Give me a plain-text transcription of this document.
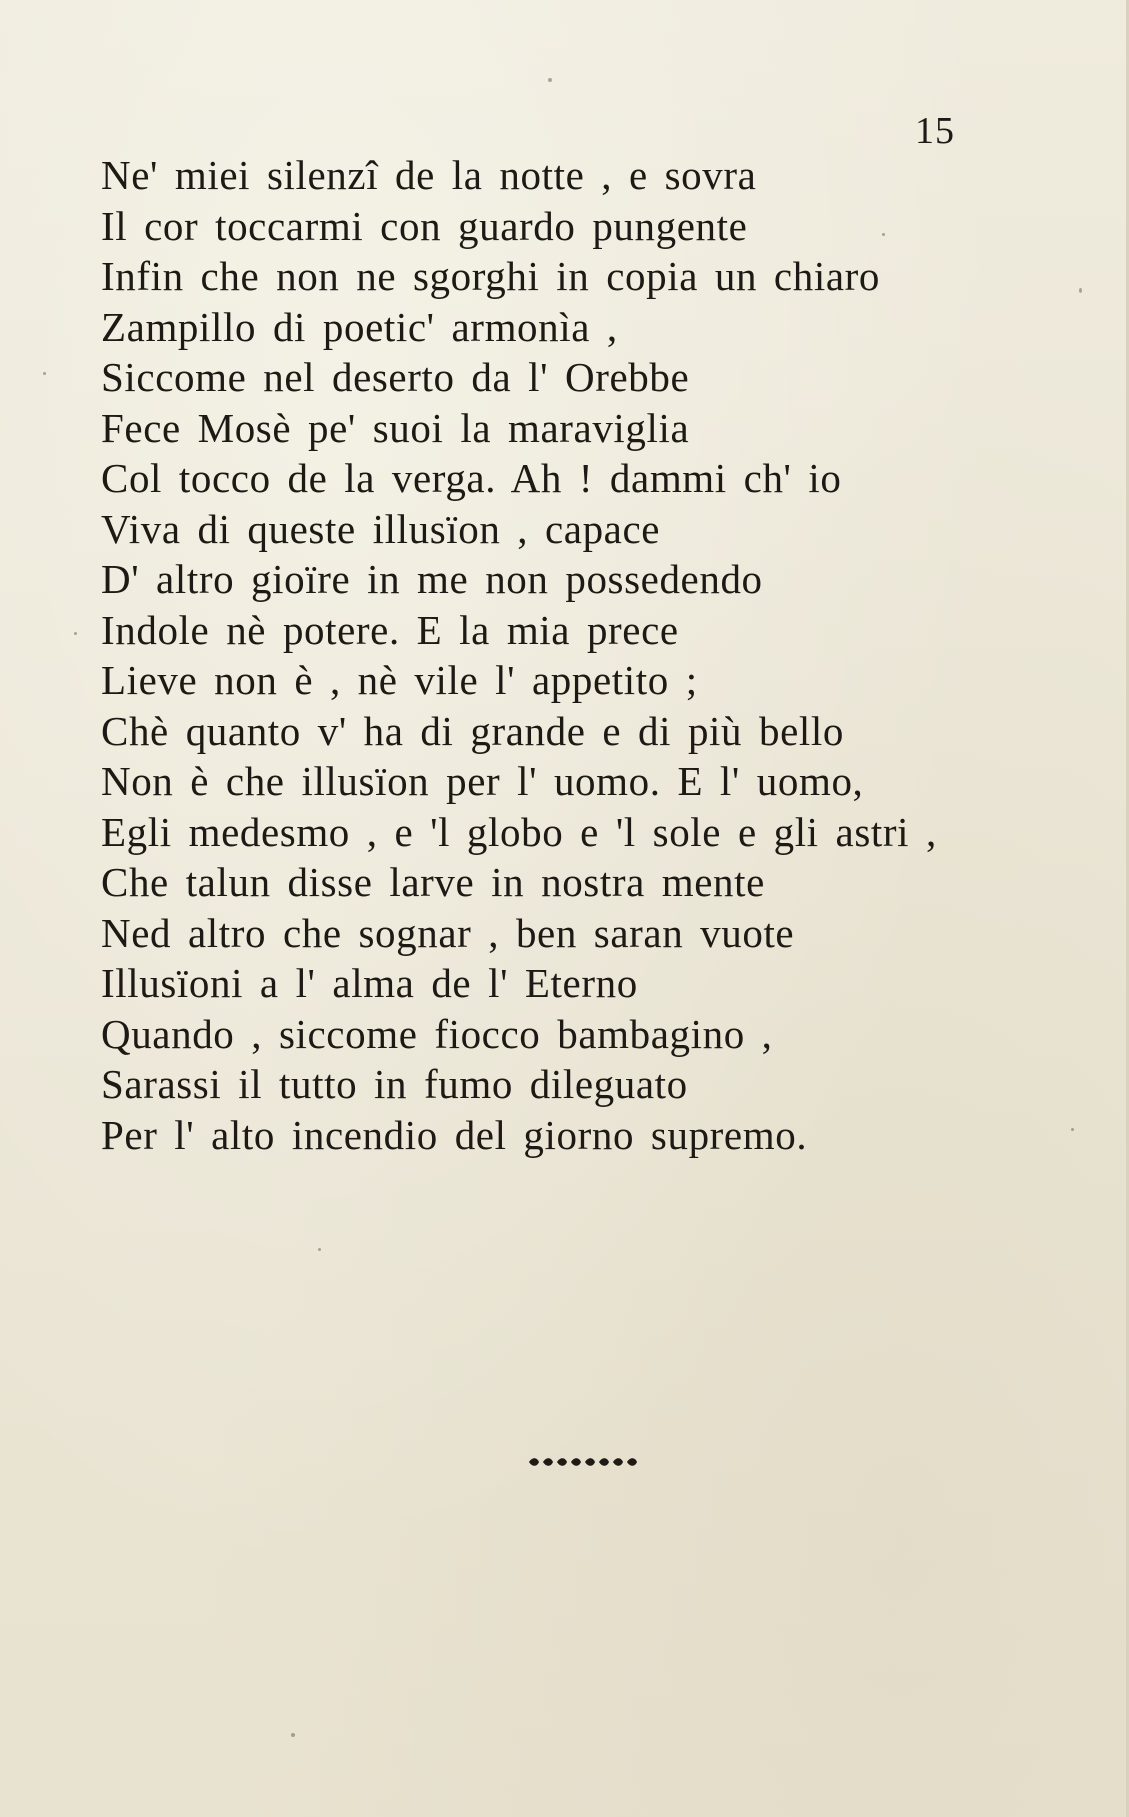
15
Ne' miei silenzî de la notte , e sovra
Il cor toccarmi con guardo pungente
Infin che non ne sgorghi in copia un chiaro
Zampillo di poetic' armonìa ,
Siccome nel deserto da l' Orebbe
Fece Mosè pe' suoi la maraviglia
Col tocco de la verga. Ah ! dammi ch' io
Viva di queste illusïon , capace
D' altro gioïre in me non possedendo
Indole nè potere. E la mia prece
Lieve non è , nè vile l' appetito ;
Chè quanto v' ha di grande e di più bello
Non è che illusïon per l' uomo. E l' uomo,
Egli medesmo , e 'l globo e 'l sole e gli astri ,
Che talun disse larve in nostra mente
Ned altro che sognar , ben saran vuote
Illusïoni a l' alma de l' Eterno
Quando , siccome fiocco bambagino ,
Sarassi il tutto in fumo dileguato
Per l' alto incendio del giorno supremo.
